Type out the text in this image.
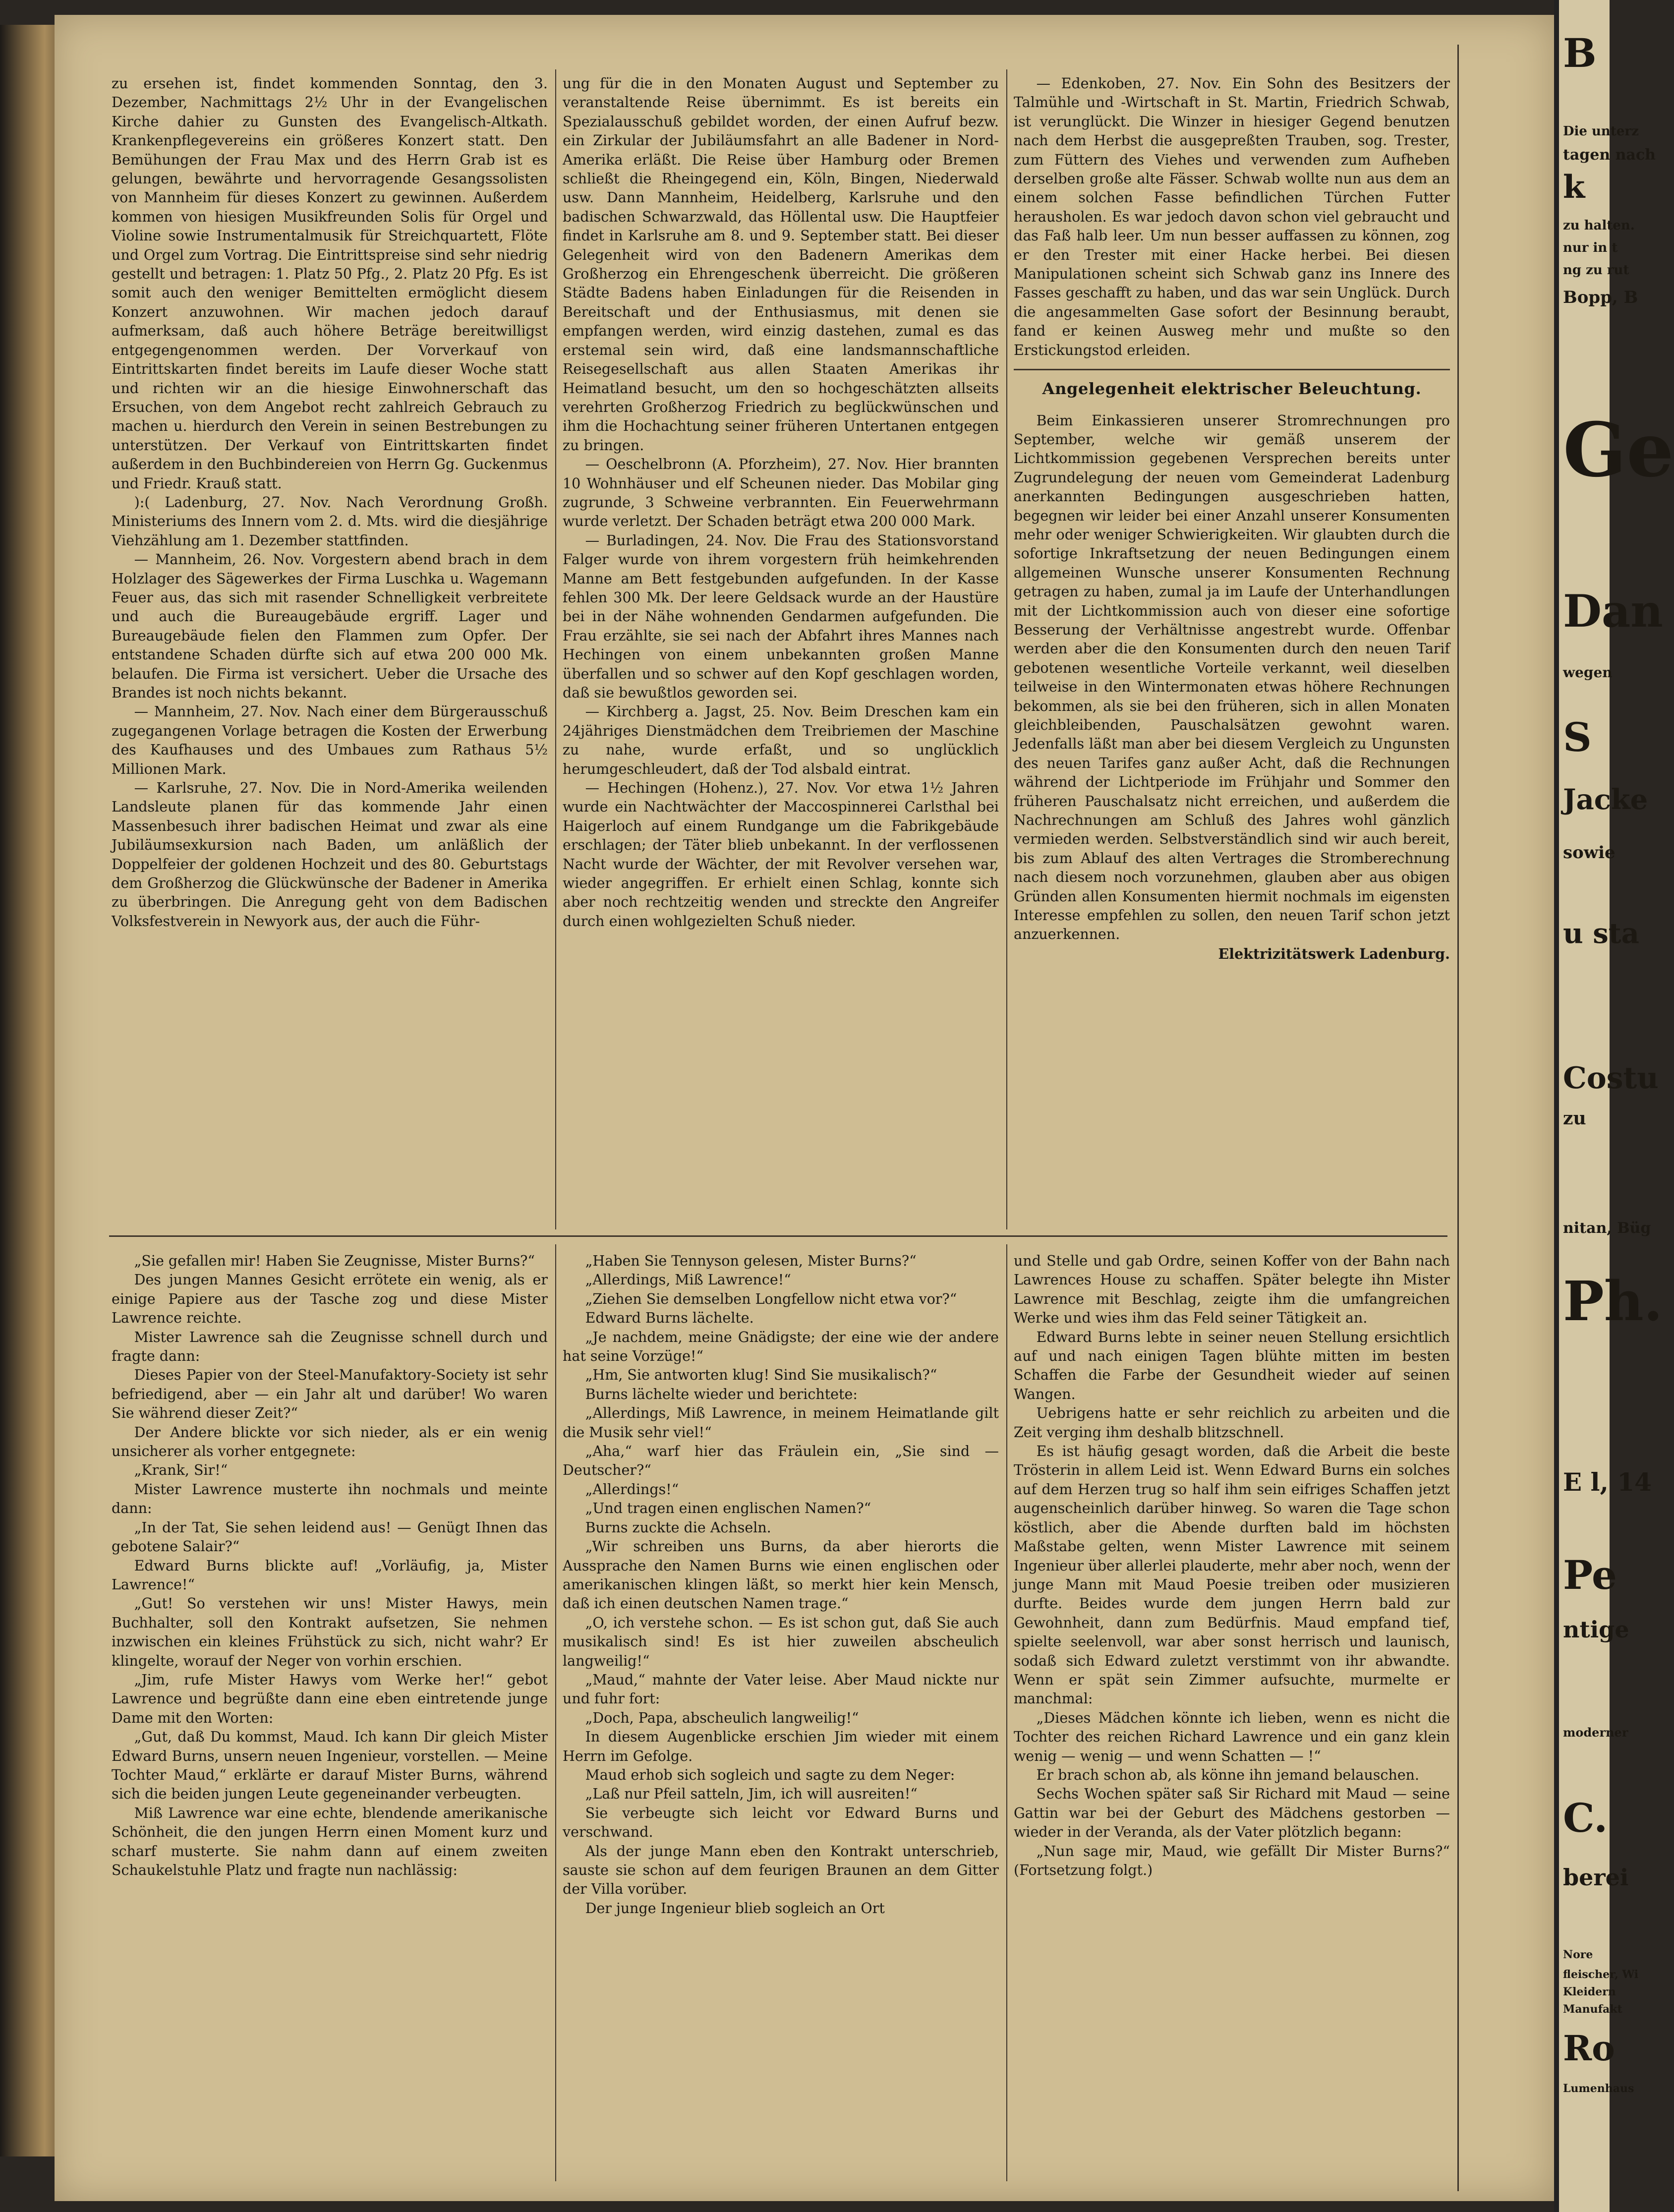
zu ersehen ist, findet kommenden Sonntag, den 3. Dezember, Nachmittags 2½ Uhr in der Evangelischen Kirche dahier zu Gunsten des Evangelisch-Altkath. Krankenpflegevereins ein größeres Konzert statt. Den Bemühungen der Frau Max und des Herrn Grab ist es gelungen, bewährte und hervorragende Gesangssolisten von Mannheim für dieses Konzert zu gewinnen. Außerdem kommen von hiesigen Musikfreunden Solis für Orgel und Violine sowie Instrumentalmusik für Streichquartett, Flöte und Orgel zum Vortrag. Die Eintrittspreise sind sehr niedrig gestellt und betragen: 1. Platz 50 Pfg., 2. Platz 20 Pfg. Es ist somit auch den weniger Bemittelten ermöglicht diesem Konzert anzuwohnen. Wir machen jedoch darauf aufmerksam, daß auch höhere Beträge bereitwilligst entgegengenommen werden. Der Vorverkauf von Eintrittskarten findet bereits im Laufe dieser Woche statt und richten wir an die hiesige Einwohnerschaft das Ersuchen, von dem Angebot recht zahlreich Gebrauch zu machen u. hierdurch den Verein in seinen Bestrebungen zu unterstützen. Der Verkauf von Eintrittskarten findet außerdem in den Buchbindereien von Herrn Gg. Guckenmus und Friedr. Krauß statt.

):( Ladenburg, 27. Nov. Nach Verordnung Großh. Ministeriums des Innern vom 2. d. Mts. wird die diesjährige Viehzählung am 1. Dezember stattfinden.

— Mannheim, 26. Nov. Vorgestern abend brach in dem Holzlager des Sägewerkes der Firma Luschka u. Wagemann Feuer aus, das sich mit rasender Schnelligkeit verbreitete und auch die Bureaugebäude ergriff. Lager und Bureaugebäude fielen den Flammen zum Opfer. Der entstandene Schaden dürfte sich auf etwa 200 000 Mk. belaufen. Die Firma ist versichert. Ueber die Ursache des Brandes ist noch nichts bekannt.

— Mannheim, 27. Nov. Nach einer dem Bürgerausschuß zugegangenen Vorlage betragen die Kosten der Erwerbung des Kaufhauses und des Umbaues zum Rathaus 5½ Millionen Mark.

— Karlsruhe, 27. Nov. Die in Nord-Amerika weilenden Landsleute planen für das kommende Jahr einen Massenbesuch ihrer badischen Heimat und zwar als eine Jubiläumsexkursion nach Baden, um anläßlich der Doppelfeier der goldenen Hochzeit und des 80. Geburtstags dem Großherzog die Glückwünsche der Badener in Amerika zu überbringen. Die Anregung geht von dem Badischen Volksfestverein in Newyork aus, der auch die Führ-

ung für die in den Monaten August und September zu veranstaltende Reise übernimmt. Es ist bereits ein Spezialausschuß gebildet worden, der einen Aufruf bezw. ein Zirkular der Jubiläumsfahrt an alle Badener in Nord-Amerika erläßt. Die Reise über Hamburg oder Bremen schließt die Rheingegend ein, Köln, Bingen, Niederwald usw. Dann Mannheim, Heidelberg, Karlsruhe und den badischen Schwarzwald, das Höllental usw. Die Hauptfeier findet in Karlsruhe am 8. und 9. September statt. Bei dieser Gelegenheit wird von den Badenern Amerikas dem Großherzog ein Ehrengeschenk überreicht. Die größeren Städte Badens haben Einladungen für die Reisenden in Bereitschaft und der Enthusiasmus, mit denen sie empfangen werden, wird einzig dastehen, zumal es das erstemal sein wird, daß eine landsmannschaftliche Reisegesellschaft aus allen Staaten Amerikas ihr Heimatland besucht, um den so hochgeschätzten allseits verehrten Großherzog Friedrich zu beglückwünschen und ihm die Hochachtung seiner früheren Untertanen entgegen zu bringen.

— Oeschelbronn (A. Pforzheim), 27. Nov. Hier brannten 10 Wohnhäuser und elf Scheunen nieder. Das Mobilar ging zugrunde, 3 Schweine verbrannten. Ein Feuerwehrmann wurde verletzt. Der Schaden beträgt etwa 200 000 Mark.

— Burladingen, 24. Nov. Die Frau des Stationsvorstand Falger wurde von ihrem vorgestern früh heimkehrenden Manne am Bett festgebunden aufgefunden. In der Kasse fehlen 300 Mk. Der leere Geldsack wurde an der Haustüre bei in der Nähe wohnenden Gendarmen aufgefunden. Die Frau erzählte, sie sei nach der Abfahrt ihres Mannes nach Hechingen von einem unbekannten großen Manne überfallen und so schwer auf den Kopf geschlagen worden, daß sie bewußtlos geworden sei.

— Kirchberg a. Jagst, 25. Nov. Beim Dreschen kam ein 24jähriges Dienstmädchen dem Treibriemen der Maschine zu nahe, wurde erfaßt, und so unglücklich herumgeschleudert, daß der Tod alsbald eintrat.

— Hechingen (Hohenz.), 27. Nov. Vor etwa 1½ Jahren wurde ein Nachtwächter der Maccospinnerei Carlsthal bei Haigerloch auf einem Rundgange um die Fabrikgebäude erschlagen; der Täter blieb unbekannt. In der verflossenen Nacht wurde der Wächter, der mit Revolver versehen war, wieder angegriffen. Er erhielt einen Schlag, konnte sich aber noch rechtzeitig wenden und streckte den Angreifer durch einen wohlgezielten Schuß nieder.

— Edenkoben, 27. Nov. Ein Sohn des Besitzers der Talmühle und -Wirtschaft in St. Martin, Friedrich Schwab, ist verunglückt. Die Winzer in hiesiger Gegend benutzen nach dem Herbst die ausgepreßten Trauben, sog. Trester, zum Füttern des Viehes und verwenden zum Aufheben derselben große alte Fässer. Schwab wollte nun aus dem an einem solchen Fasse befindlichen Türchen Futter herausholen. Es war jedoch davon schon viel gebraucht und das Faß halb leer. Um nun besser auffassen zu können, zog er den Trester mit einer Hacke herbei. Bei diesen Manipulationen scheint sich Schwab ganz ins Innere des Fasses geschafft zu haben, und das war sein Unglück. Durch die angesammelten Gase sofort der Besinnung beraubt, fand er keinen Ausweg mehr und mußte so den Erstickungstod erleiden.

Angelegenheit elektrischer Beleuchtung.

Beim Einkassieren unserer Stromrechnungen pro September, welche wir gemäß unserem der Lichtkommission gegebenen Versprechen bereits unter Zugrundelegung der neuen vom Gemeinderat Ladenburg anerkannten Bedingungen ausgeschrieben hatten, begegnen wir leider bei einer Anzahl unserer Konsumenten mehr oder weniger Schwierigkeiten. Wir glaubten durch die sofortige Inkraftsetzung der neuen Bedingungen einem allgemeinen Wunsche unserer Konsumenten Rechnung getragen zu haben, zumal ja im Laufe der Unterhandlungen mit der Lichtkommission auch von dieser eine sofortige Besserung der Verhältnisse angestrebt wurde. Offenbar werden aber die den Konsumenten durch den neuen Tarif gebotenen wesentliche Vorteile verkannt, weil dieselben teilweise in den Wintermonaten etwas höhere Rechnungen bekommen, als sie bei den früheren, sich in allen Monaten gleichbleibenden, Pauschalsätzen gewohnt waren. Jedenfalls läßt man aber bei diesem Vergleich zu Ungunsten des neuen Tarifes ganz außer Acht, daß die Rechnungen während der Lichtperiode im Frühjahr und Sommer den früheren Pauschalsatz nicht erreichen, und außerdem die Nachrechnungen am Schluß des Jahres wohl gänzlich vermieden werden. Selbstverständlich sind wir auch bereit, bis zum Ablauf des alten Vertrages die Stromberechnung nach diesem noch vorzunehmen, glauben aber aus obigen Gründen allen Konsumenten hiermit nochmals im eigensten Interesse empfehlen zu sollen, den neuen Tarif schon jetzt anzuerkennen.

Elektrizitätswerk Ladenburg.

„Sie gefallen mir! Haben Sie Zeugnisse, Mister Burns?“

Des jungen Mannes Gesicht errötete ein wenig, als er einige Papiere aus der Tasche zog und diese Mister Lawrence reichte.

Mister Lawrence sah die Zeugnisse schnell durch und fragte dann:

Dieses Papier von der Steel-Manufaktory-Society ist sehr befriedigend, aber — ein Jahr alt und darüber! Wo waren Sie während dieser Zeit?“

Der Andere blickte vor sich nieder, als er ein wenig unsicherer als vorher entgegnete:

„Krank, Sir!“

Mister Lawrence musterte ihn nochmals und meinte dann:

„In der Tat, Sie sehen leidend aus! — Genügt Ihnen das gebotene Salair?“

Edward Burns blickte auf! „Vorläufig, ja, Mister Lawrence!“

„Gut! So verstehen wir uns! Mister Hawys, mein Buchhalter, soll den Kontrakt aufsetzen, Sie nehmen inzwischen ein kleines Frühstück zu sich, nicht wahr? Er klingelte, worauf der Neger von vorhin erschien.

„Jim, rufe Mister Hawys vom Werke her!“ gebot Lawrence und begrüßte dann eine eben eintretende junge Dame mit den Worten:

„Gut, daß Du kommst, Maud. Ich kann Dir gleich Mister Edward Burns, unsern neuen Ingenieur, vorstellen. — Meine Tochter Maud,“ erklärte er darauf Mister Burns, während sich die beiden jungen Leute gegeneinander verbeugten.

Miß Lawrence war eine echte, blendende amerikanische Schönheit, die den jungen Herrn einen Moment kurz und scharf musterte. Sie nahm dann auf einem zweiten Schaukelstuhle Platz und fragte nun nachlässig:

„Haben Sie Tennyson gelesen, Mister Burns?“

„Allerdings, Miß Lawrence!“

„Ziehen Sie demselben Longfellow nicht etwa vor?“

Edward Burns lächelte.

„Je nachdem, meine Gnädigste; der eine wie der andere hat seine Vorzüge!“

„Hm, Sie antworten klug! Sind Sie musikalisch?“

Burns lächelte wieder und berichtete:

„Allerdings, Miß Lawrence, in meinem Heimatlande gilt die Musik sehr viel!“

„Aha,“ warf hier das Fräulein ein, „Sie sind — Deutscher?“

„Allerdings!“

„Und tragen einen englischen Namen?“

Burns zuckte die Achseln.

„Wir schreiben uns Burns, da aber hierorts die Aussprache den Namen Burns wie einen englischen oder amerikanischen klingen läßt, so merkt hier kein Mensch, daß ich einen deutschen Namen trage.“

„O, ich verstehe schon. — Es ist schon gut, daß Sie auch musikalisch sind! Es ist hier zuweilen abscheulich langweilig!“

„Maud,“ mahnte der Vater leise. Aber Maud nickte nur und fuhr fort:

„Doch, Papa, abscheulich langweilig!“

In diesem Augenblicke erschien Jim wieder mit einem Herrn im Gefolge.

Maud erhob sich sogleich und sagte zu dem Neger:

„Laß nur Pfeil satteln, Jim, ich will ausreiten!“

Sie verbeugte sich leicht vor Edward Burns und verschwand.

Als der junge Mann eben den Kontrakt unterschrieb, sauste sie schon auf dem feurigen Braunen an dem Gitter der Villa vorüber.

Der junge Ingenieur blieb sogleich an Ort

und Stelle und gab Ordre, seinen Koffer von der Bahn nach Lawrences House zu schaffen. Später belegte ihn Mister Lawrence mit Beschlag, zeigte ihm die umfangreichen Werke und wies ihm das Feld seiner Tätigkeit an.

Edward Burns lebte in seiner neuen Stellung ersichtlich auf und nach einigen Tagen blühte mitten im besten Schaffen die Farbe der Gesundheit wieder auf seinen Wangen.

Uebrigens hatte er sehr reichlich zu arbeiten und die Zeit verging ihm deshalb blitzschnell.

Es ist häufig gesagt worden, daß die Arbeit die beste Trösterin in allem Leid ist. Wenn Edward Burns ein solches auf dem Herzen trug so half ihm sein eifriges Schaffen jetzt augenscheinlich darüber hinweg. So waren die Tage schon köstlich, aber die Abende durften bald im höchsten Maßstabe gelten, wenn Mister Lawrence mit seinem Ingenieur über allerlei plauderte, mehr aber noch, wenn der junge Mann mit Maud Poesie treiben oder musizieren durfte. Beides wurde dem jungen Herrn bald zur Gewohnheit, dann zum Bedürfnis. Maud empfand tief, spielte seelenvoll, war aber sonst herrisch und launisch, sodaß sich Edward zuletzt verstimmt von ihr abwandte. Wenn er spät sein Zimmer aufsuchte, murmelte er manchmal:

„Dieses Mädchen könnte ich lieben, wenn es nicht die Tochter des reichen Richard Lawrence und ein ganz klein wenig — wenig — und wenn Schatten — !“

Er brach schon ab, als könne ihn jemand belauschen.

Sechs Wochen später saß Sir Richard mit Maud — seine Gattin war bei der Geburt des Mädchens gestorben — wieder in der Veranda, als der Vater plötzlich begann:

„Nun sage mir, Maud, wie gefällt Dir Mister Burns?“ (Fortsetzung folgt.)

B
Die unterz
tagen nach
k
zu halten.
nur in t
ng zu rut
Bopp, B
Ge
Dan
wegen
S
Jacke
sowie
u sta
Costu
zu
nitan, Büg
Ph.
E l, 14
Pe
ntige
moderner
C.
berei
Nore
fleischer, Wi
Kleidern
Manufakt
Ro
Lumenhaus
